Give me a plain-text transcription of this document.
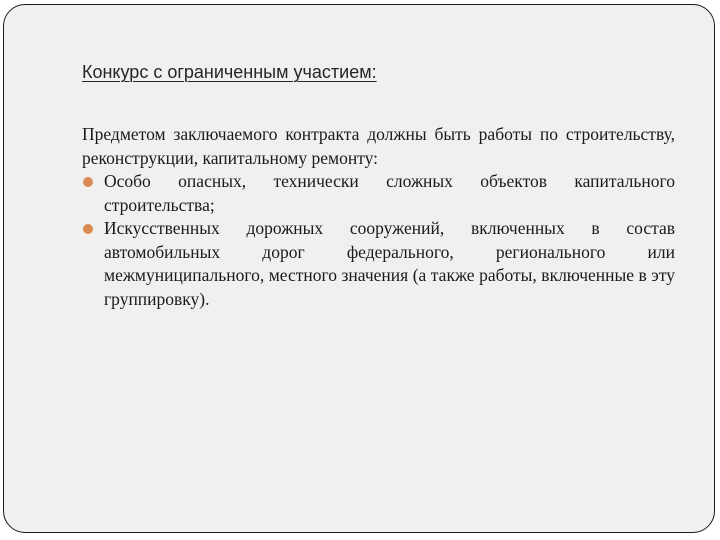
Конкурс с ограниченным участием:

Предметом заключаемого контракта должны быть работы по строительству, реконструкции, капитальному ремонту:

Особо опасных, технически сложных объектов капитального строительства;
Искусственных дорожных сооружений, включенных в состав автомобильных дорог федерального, регионального или межмуниципального, местного значения (а также работы, включенные в эту группировку).
